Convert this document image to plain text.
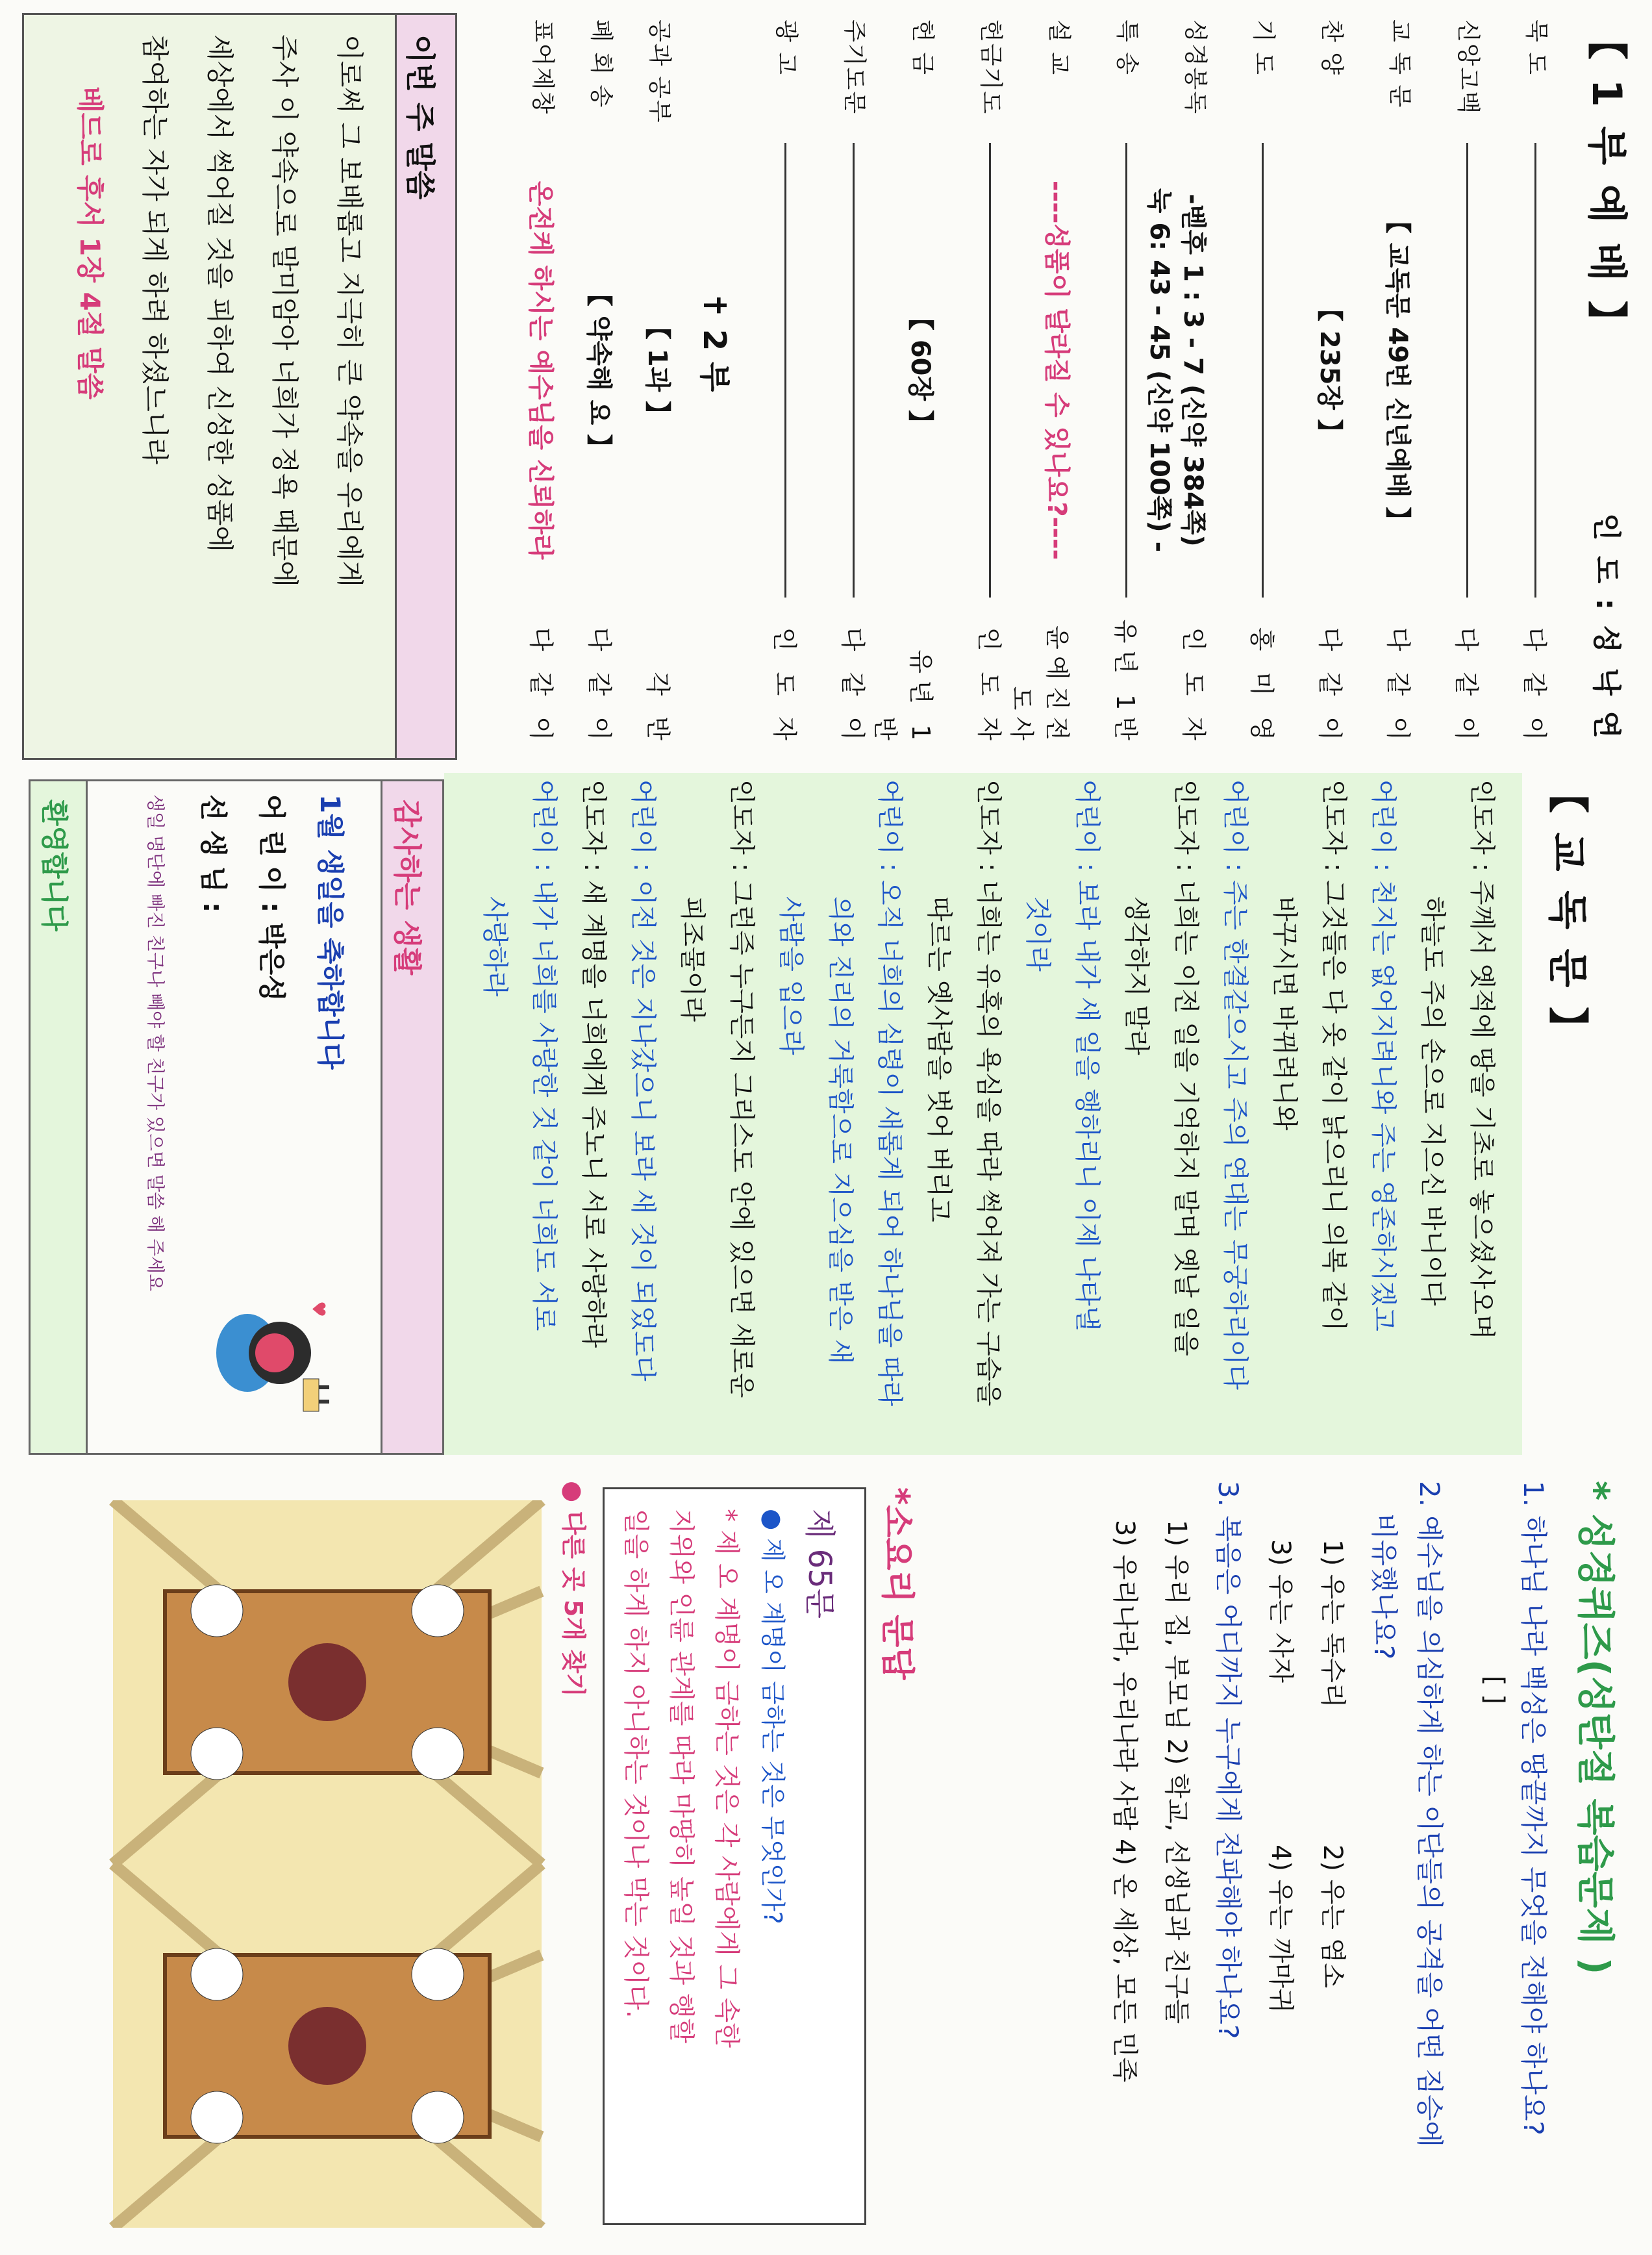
【 1 부 예 배 】
인 도 : 성 낙 연
묵 도
다 같 이
신앙고백
다 같 이
교 독 문
【 교독문 49번 신년예배 】
다 같 이
찬 양
【 235장 】
다 같 이
기 도
홍 미 영
성경봉독
-벧후 1 : 3 - 7 (신약 384쪽)
눅 6: 43 - 45 (신약 100쪽) -
인 도 자
특 송
유년 1반
설 교
----성품이 달라질 수 있나요?----
윤예진전도사
헌금기도
인 도 자
헌 금
【 60장 】
유년 1 반
주기도문
다 같 이
광 고
인 도 자
✝ 2 부
공과 공부
【 1과 】
각 반
폐 회 송
【 약속해 요 】
다 같 이
표어제창
온전케 하시는 예수님을 신뢰하라
다 같 이
이번 주 말씀
이로써 그 보배롭고 지극히 큰 약속을 우리에게
주사 이 약속으로 말미암아 너희가 정욕 때문에
세상에서 썩어질 것을 피하여 신성한 성품에
참여하는 자가 되게 하려 하셨느니라
베드로 후서 1장 4절 말씀
【 교 독 문 】
인도자 : 주께서 옛적에 땅을 기초로 놓으셨사오며
하늘도 주의 손으로 지으신 바니이다
어린이 : 천지는 없어지려니와 주는 영존하시겠고
인도자 : 그것들은 다 옷 같이 낡으리니 의복 같이
바꾸시면 바뀌려니와
어린이 : 주는 한결같으시고 주의 연대는 무궁하리이다
인도자 : 너희는 이전 일을 기억하지 말며 옛날 일을
생각하지 말라
어린이 : 보라 내가 새 일을 행하리니 이제 나타낼
것이라
인도자 : 너희는 유혹의 욕심을 따라 썩어져 가는 구습을
따르는 옛사람을 벗어 버리고
어린이 : 오직 너희의 심령이 새롭게 되어 하나님을 따라
의와 진리의 거룩함으로 지으심을 받은 새
사람을 입으라
인도자 : 그런즉 누구든지 그리스도 안에 있으면 새로운
피조물이라
어린이 : 이전 것은 지나갔으니 보라 새 것이 되었도다
인도자 : 새 계명을 너희에게 주노니 서로 사랑하라
어린이 : 내가 너희를 사랑한 것 같이 너희도 서로
사랑하라
감사하는 생활
1월 생일을 축하합니다
어 린 이 : 박은성
선 생 님 :
생일 명단에 빠진 친구나 빼야 할 친구가 있으면 말씀 해 주세요
♥
환영합니다
* 성경퀴즈(성탄절 복습문제 )
1. 하나님 나라 백성은 땅끝까지 무엇을 전해야 하나요?
[ ]
2. 예수님을 의심하게 하는 이단들의 공격을 어떤 짐승에
비유했나요?
1) 우는 독수리
2) 우는 염소
3) 우는 사자
4) 우는 까마귀
3. 복음은 어디까지 누구에게 전파해야 하나요?
1) 우리 집, 부모님 2) 학교, 선생님과 친구들
3) 우리나라, 우리나라 사람 4) 온 세상, 모든 민족
*소요리 문답
제 65문
● 제 오 계명이 금하는 것은 무엇인가?
* 제 오 계명이 금하는 것은 각 사람에게 그 속한
지위와 인륜 관계를 따라 마땅히 높일 것과 행할
일을 하게 하지 아니하는 것이나 막는 것이다.
● 다른 곳 5개 찾기
